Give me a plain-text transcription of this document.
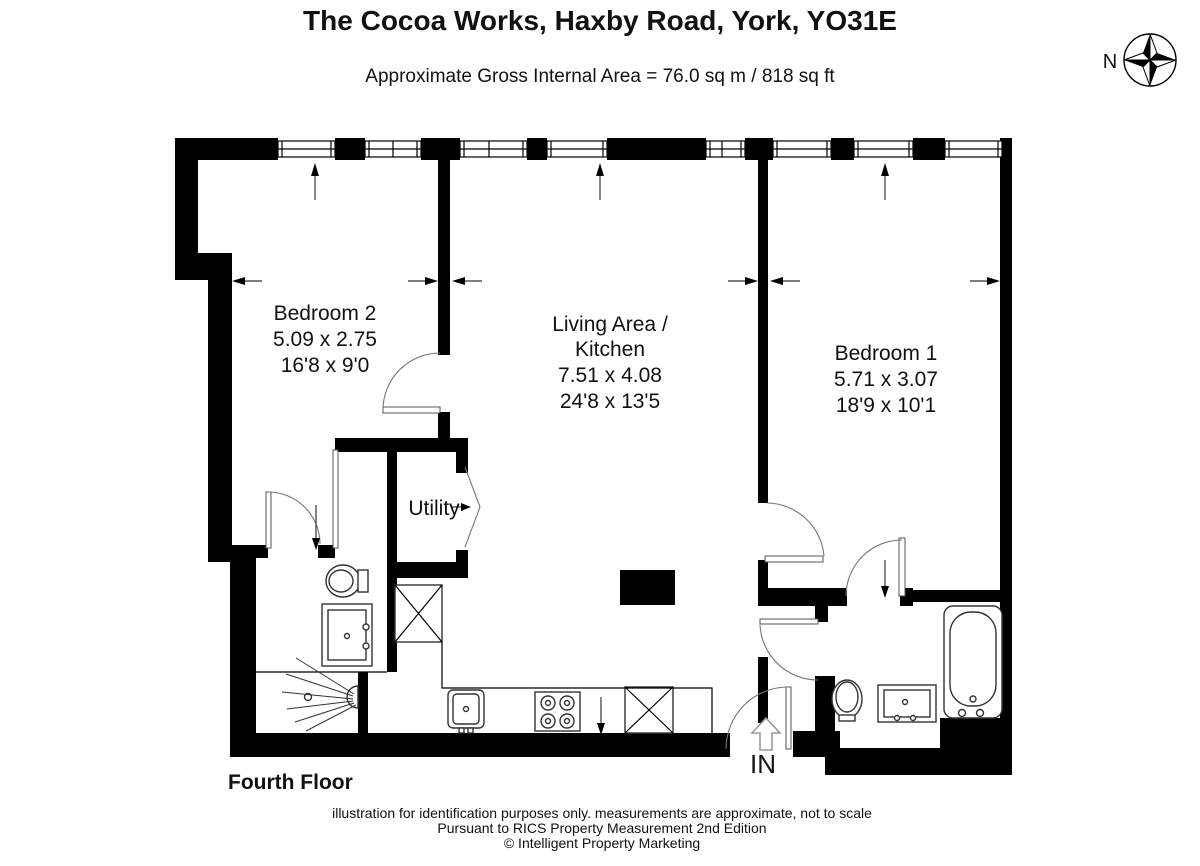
The Cocoa Works, Haxby Road, York, YO31E
Approximate Gross Internal Area = 76.0 sq m / 818 sq ft
N
Bedroom 2
5.09 x 2.75
16'8 x 9'0
Living Area /
Kitchen
7.51 x 4.08
24'8 x 13'5
Bedroom 1
5.71 x 3.07
18'9 x 10'1
Utility
IN
Fourth Floor
illustration for identification purposes only. measurements are approximate, not to scale
Pursuant to RICS Property Measurement 2nd Edition
© Intelligent Property Marketing
